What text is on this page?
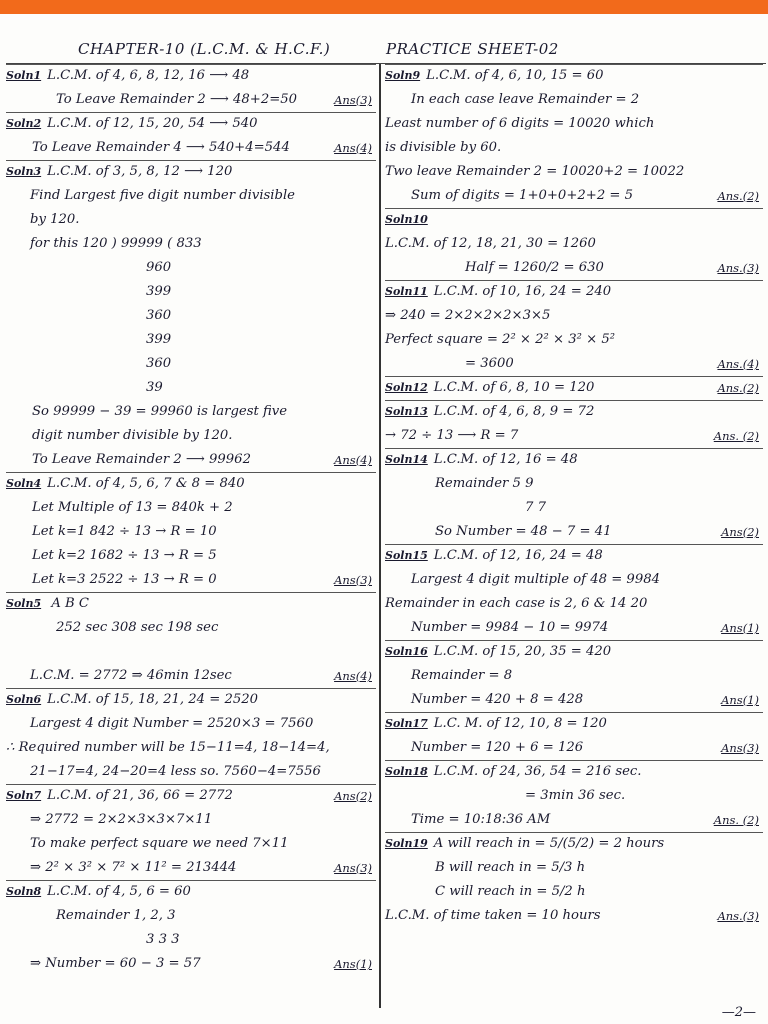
CHAPTER-10 (L.C.M. & H.C.F.)	PRACTICE SHEET-02
Soln1 L.C.M. of 4, 6, 8, 12, 16 ⟶ 48
To Leave Remainder 2 ⟶ 48+2=50	Ans(3)
Soln2 L.C.M. of 12, 15, 20, 54 ⟶ 540
To Leave Remainder 4 ⟶ 540+4=544	Ans(4)
Soln3 L.C.M. of 3, 5, 8, 12 ⟶ 120
Find Largest five digit number divisible
by 120.
for this 120 ) 99999 ( 833
960
399
360
399
360
39
So 99999 − 39 = 99960 is largest five
digit number divisible by 120.
To Leave Remainder 2 ⟶ 99962	Ans(4)
Soln4 L.C.M. of 4, 5, 6, 7 & 8 = 840
Let Multiple of 13 = 840k + 2
Let k=1 842 ÷ 13 → R = 10
Let k=2 1682 ÷ 13 → R = 5
Let k=3 2522 ÷ 13 → R = 0	Ans(3)
Soln5 A B C
252 sec 308 sec 198 sec
L.C.M. = 2772 ⇒ 46min 12sec	Ans(4)
Soln6 L.C.M. of 15, 18, 21, 24 = 2520
Largest 4 digit Number = 2520×3 = 7560
∴ Required number will be 15−11=4, 18−14=4,
21−17=4, 24−20=4 less so. 7560−4=7556
Soln7 L.C.M. of 21, 36, 66 = 2772	Ans(2)
⇒ 2772 = 2×2×3×3×7×11
To make perfect square we need 7×11
⇒ 2² × 3² × 7² × 11² = 213444	Ans(3)
Soln8 L.C.M. of 4, 5, 6 = 60
Remainder 1, 2, 3
3 3 3
⇒ Number = 60 − 3 = 57	Ans(1)
Soln9 L.C.M. of 4, 6, 10, 15 = 60
In each case leave Remainder = 2
Least number of 6 digits = 10020 which
is divisible by 60.
Two leave Remainder 2 = 10020+2 = 10022
Sum of digits = 1+0+0+2+2 = 5	Ans.(2)
Soln10
L.C.M. of 12, 18, 21, 30 = 1260
Half = 1260/2 = 630	Ans.(3)
Soln11 L.C.M. of 10, 16, 24 = 240
⇒ 240 = 2×2×2×2×3×5
Perfect square = 2² × 2² × 3² × 5²
= 3600	Ans.(4)
Soln12 L.C.M. of 6, 8, 10 = 120	Ans.(2)
Soln13 L.C.M. of 4, 6, 8, 9 = 72
→ 72 ÷ 13 ⟶ R = 7	Ans. (2)
Soln14 L.C.M. of 12, 16 = 48
Remainder 5 9
7 7
So Number = 48 − 7 = 41	Ans(2)
Soln15 L.C.M. of 12, 16, 24 = 48
Largest 4 digit multiple of 48 = 9984
Remainder in each case is 2, 6 & 14 20
Number = 9984 − 10 = 9974	Ans(1)
Soln16 L.C.M. of 15, 20, 35 = 420
Remainder = 8
Number = 420 + 8 = 428	Ans(1)
Soln17 L.C. M. of 12, 10, 8 = 120
Number = 120 + 6 = 126	Ans(3)
Soln18 L.C.M. of 24, 36, 54 = 216 sec.
= 3min 36 sec.
Time = 10:18:36 AM	Ans. (2)
Soln19 A will reach in = 5/(5/2) = 2 hours
B will reach in = 5/3 h
C will reach in = 5/2 h
L.C.M. of time taken = 10 hours	Ans.(3)
—2—
